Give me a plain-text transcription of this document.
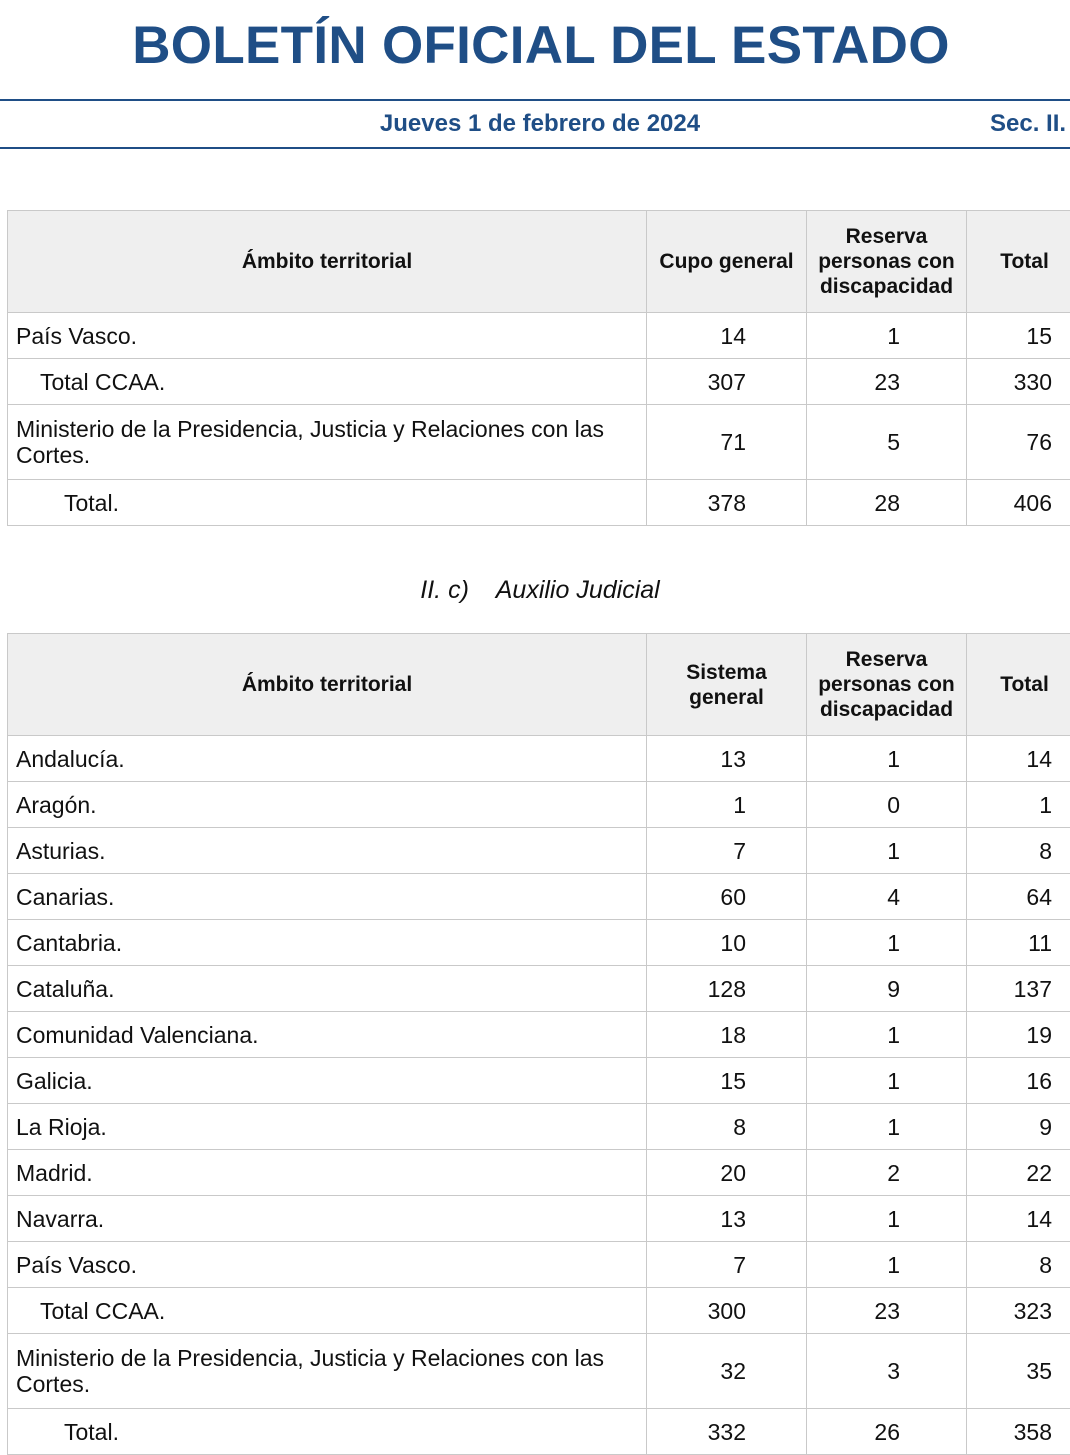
BOLETÍN OFICIAL DEL ESTADO
Jueves 1 de febrero de 2024	Sec. II.
Ámbito territorial	Cupo general	Reserva personas con discapacidad	Total
País Vasco.	14	1	15
Total CCAA.	307	23	330
Ministerio de la Presidencia, Justicia y Relaciones con las Cortes.	71	5	76
Total.	378	28	406
II. c) Auxilio Judicial
Ámbito territorial	Sistema general	Reserva personas con discapacidad	Total
Andalucía.	13	1	14
Aragón.	1	0	1
Asturias.	7	1	8
Canarias.	60	4	64
Cantabria.	10	1	11
Cataluña.	128	9	137
Comunidad Valenciana.	18	1	19
Galicia.	15	1	16
La Rioja.	8	1	9
Madrid.	20	2	22
Navarra.	13	1	14
País Vasco.	7	1	8
Total CCAA.	300	23	323
Ministerio de la Presidencia, Justicia y Relaciones con las Cortes.	32	3	35
Total.	332	26	358
